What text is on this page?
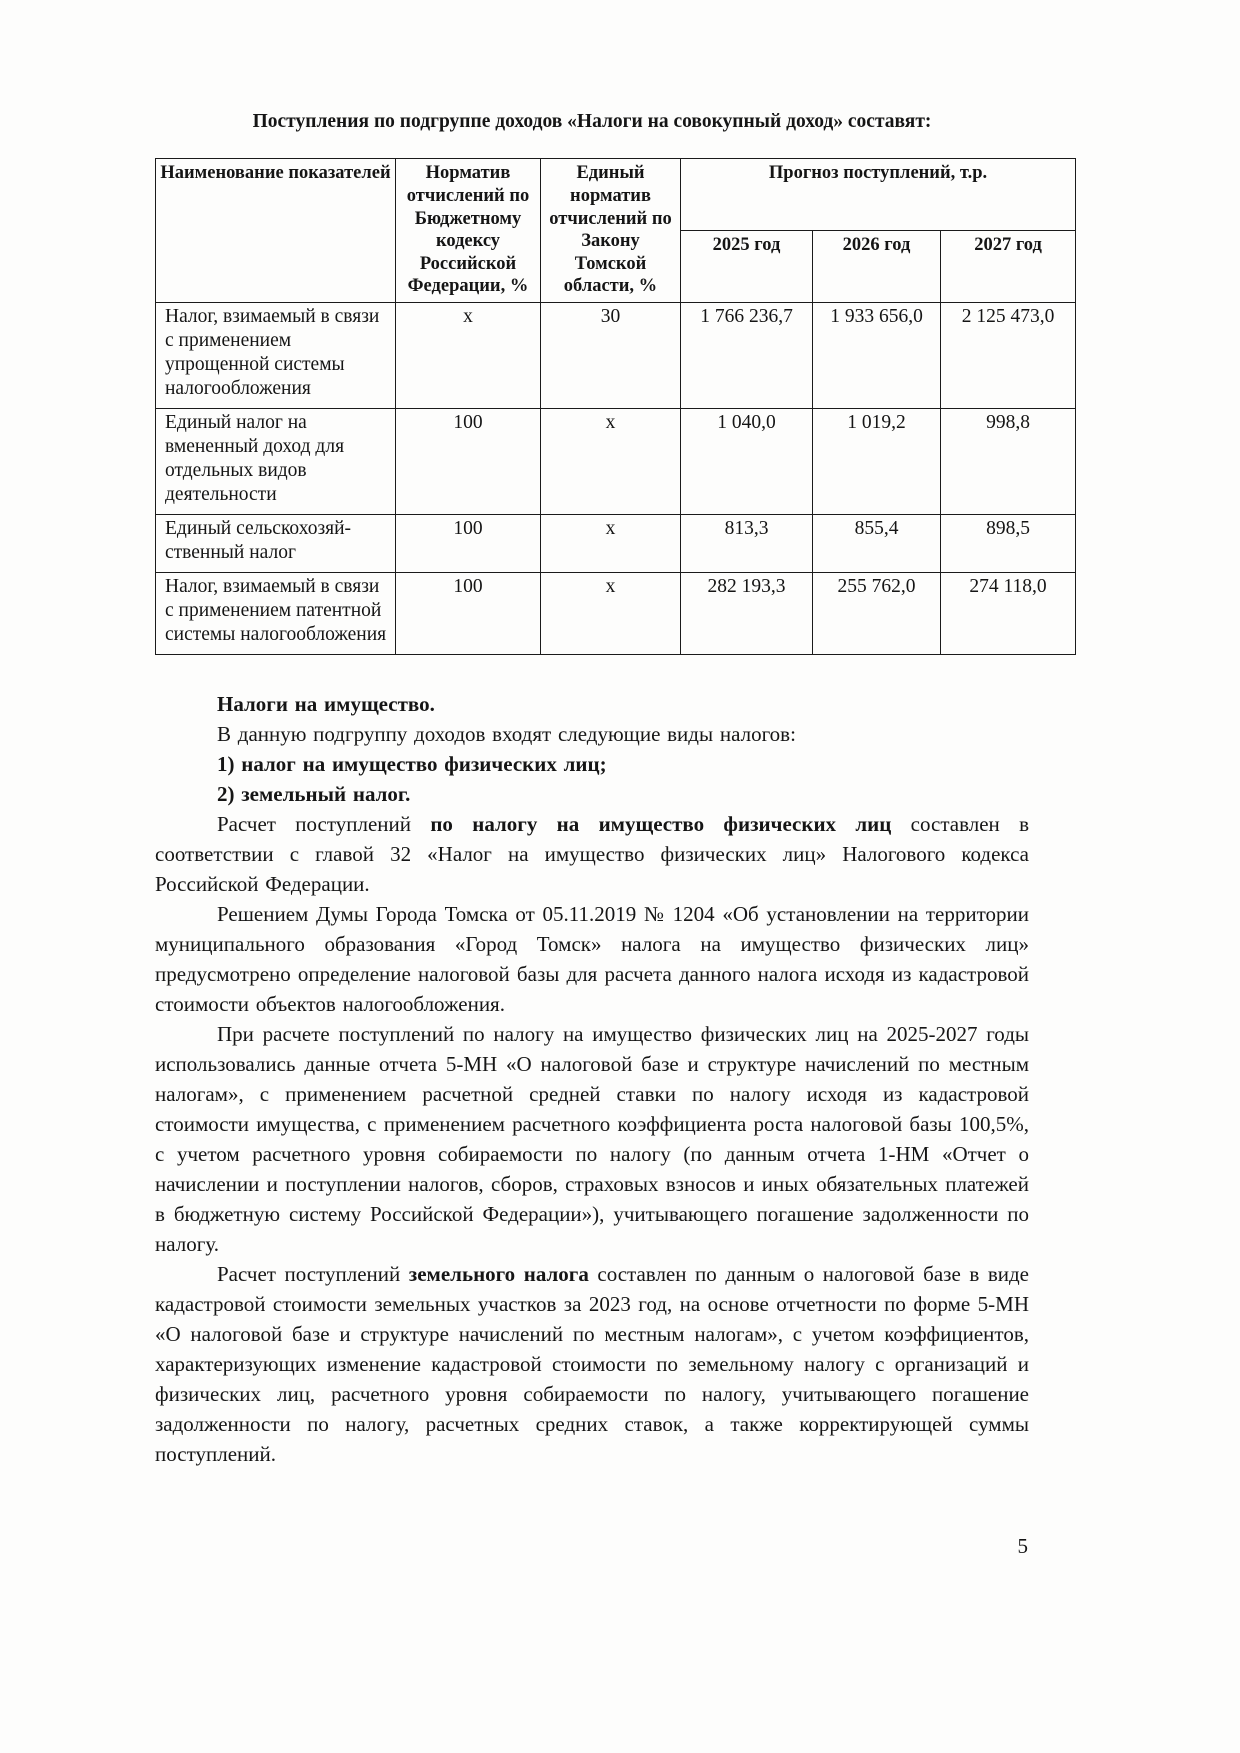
Поступления по подгруппе доходов «Налоги на совокупный доход» составят:

Наименование показателей	Норматив отчислений по Бюджетному кодексу Российской Федерации, %	Единый норматив отчислений по Закону Томской области, %	Прогноз поступлений, т.р.		
			2025 год	2026 год	2027 год
Налог, взимаемый в связи с применением упрощенной системы налогообложения	х	30	1 766 236,7	1 933 656,0	2 125 473,0
Единый налог на вмененный доход для отдельных видов деятельности	100	х	1 040,0	1 019,2	998,8
Единый сельскохозяй-ственный налог	100	х	813,3	855,4	898,5
Налог, взимаемый в связи с применением патентной системы налогообложения	100	х	282 193,3	255 762,0	274 118,0

Налоги на имущество.

В данную подгруппу доходов входят следующие виды налогов:

1) налог на имущество физических лиц;

2) земельный налог.

Расчет поступлений по налогу на имущество физических лиц составлен в соответствии с главой 32 «Налог на имущество физических лиц» Налогового кодекса Российской Федерации.

Решением Думы Города Томска от 05.11.2019 № 1204 «Об установлении на территории муниципального образования «Город Томск» налога на имущество физических лиц» предусмотрено определение налоговой базы для расчета данного налога исходя из кадастровой стоимости объектов налогообложения.

При расчете поступлений по налогу на имущество физических лиц на 2025-2027 годы использовались данные отчета 5-МН «О налоговой базе и структуре начислений по местным налогам», с применением расчетной средней ставки по налогу исходя из кадастровой стоимости имущества, с применением расчетного коэффициента роста налоговой базы 100,5%, с учетом расчетного уровня собираемости по налогу (по данным отчета 1-НМ «Отчет о начислении и поступлении налогов, сборов, страховых взносов и иных обязательных платежей в бюджетную систему Российской Федерации»), учитывающего погашение задолженности по налогу.

Расчет поступлений земельного налога составлен по данным о налоговой базе в виде кадастровой стоимости земельных участков за 2023 год, на основе отчетности по форме 5-МН «О налоговой базе и структуре начислений по местным налогам», с учетом коэффициентов, характеризующих изменение кадастровой стоимости по земельному налогу с организаций и физических лиц, расчетного уровня собираемости по налогу, учитывающего погашение задолженности по налогу, расчетных средних ставок, а также корректирующей суммы поступлений.

5
